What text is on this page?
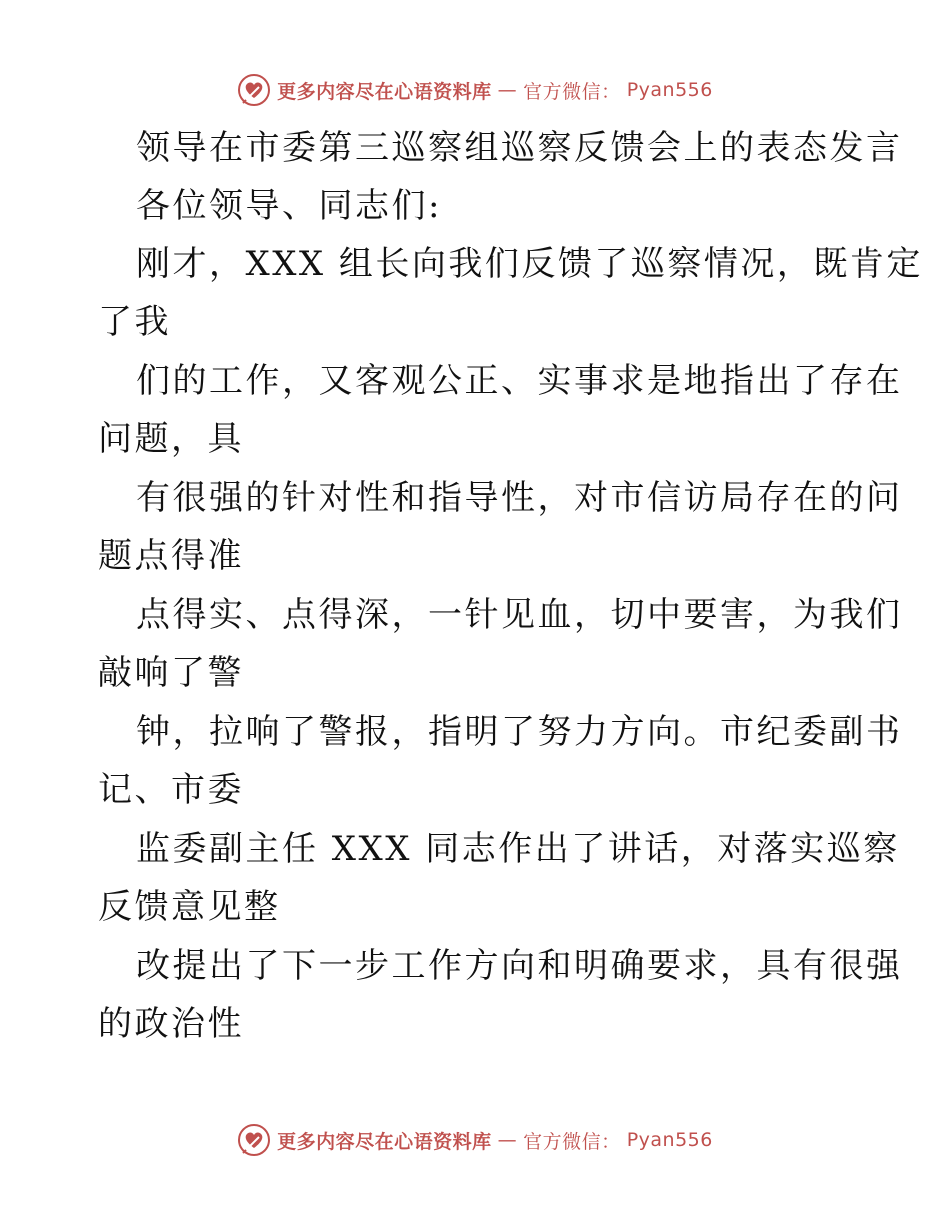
更多内容尽在心语资料库 — 官方微信： Pyan556
领导在市委第三巡察组巡察反馈会上的表态发言
各位领导、同志们:
刚才，XXX 组长向我们反馈了巡察情况，既肯定
了我
们的工作，又客观公正、实事求是地指出了存在
问题，具
有很强的针对性和指导性，对市信访局存在的问
题点得准
点得实、点得深，一针见血，切中要害，为我们
敲响了警
钟，拉响了警报，指明了努力方向。市纪委副书
记、市委
监委副主任 XXX 同志作出了讲话，对落实巡察
反馈意见整
改提出了下一步工作方向和明确要求，具有很强
的政治性
更多内容尽在心语资料库 — 官方微信： Pyan556
